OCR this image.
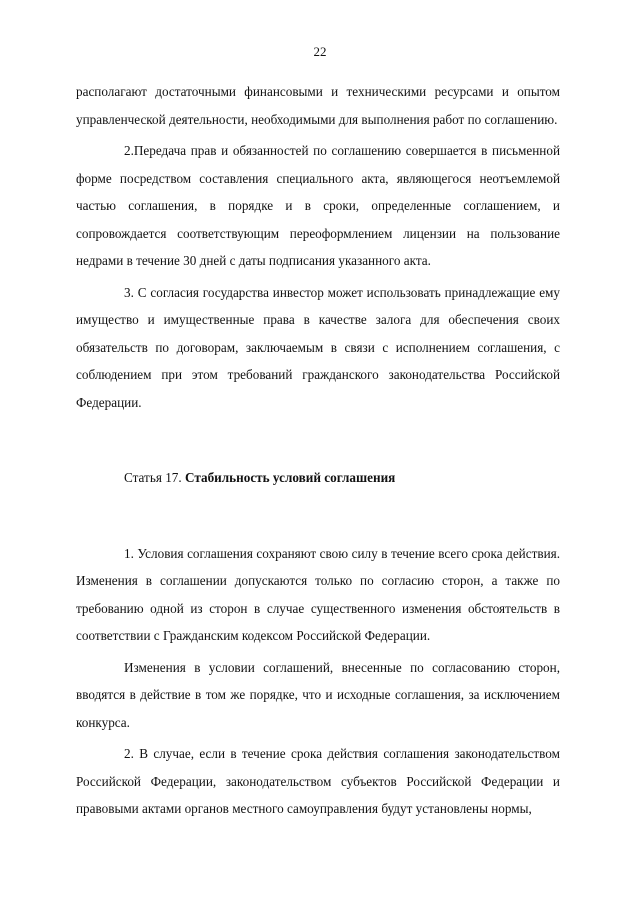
22

располагают достаточными финансовыми и техническими ресурсами и опытом управленческой деятельности, необходимыми для выполнения работ по соглашению.

2.Передача прав и обязанностей по соглашению совершается в письменной форме посредством составления специального акта, являющегося неотъемлемой частью соглашения, в порядке и в сроки, определенные соглашением, и сопровождается соответствующим переоформлением лицензии на пользование недрами в течение 30 дней с даты подписания указанного акта.

3. С согласия государства инвестор может использовать принадлежащие ему имущество и имущественные права в качестве залога для обеспечения своих обязательств по договорам, заключаемым в связи с исполнением соглашения, с соблюдением при этом требований гражданского законодательства Российской Федерации.

Статья 17. Стабильность условий соглашения

1. Условия соглашения сохраняют свою силу в течение всего срока действия. Изменения в соглашении допускаются только по согласию сторон, а также по требованию одной из сторон в случае существенного изменения обстоятельств в соответствии с Гражданским кодексом Российской Федерации.

Изменения в условии соглашений, внесенные по согласованию сторон, вводятся в действие в том же порядке, что и исходные соглашения, за исключением конкурса.

2. В случае, если в течение срока действия соглашения законодательством Российской Федерации, законодательством субъектов Российской Федерации и правовыми актами органов местного самоуправления будут установлены нормы,
